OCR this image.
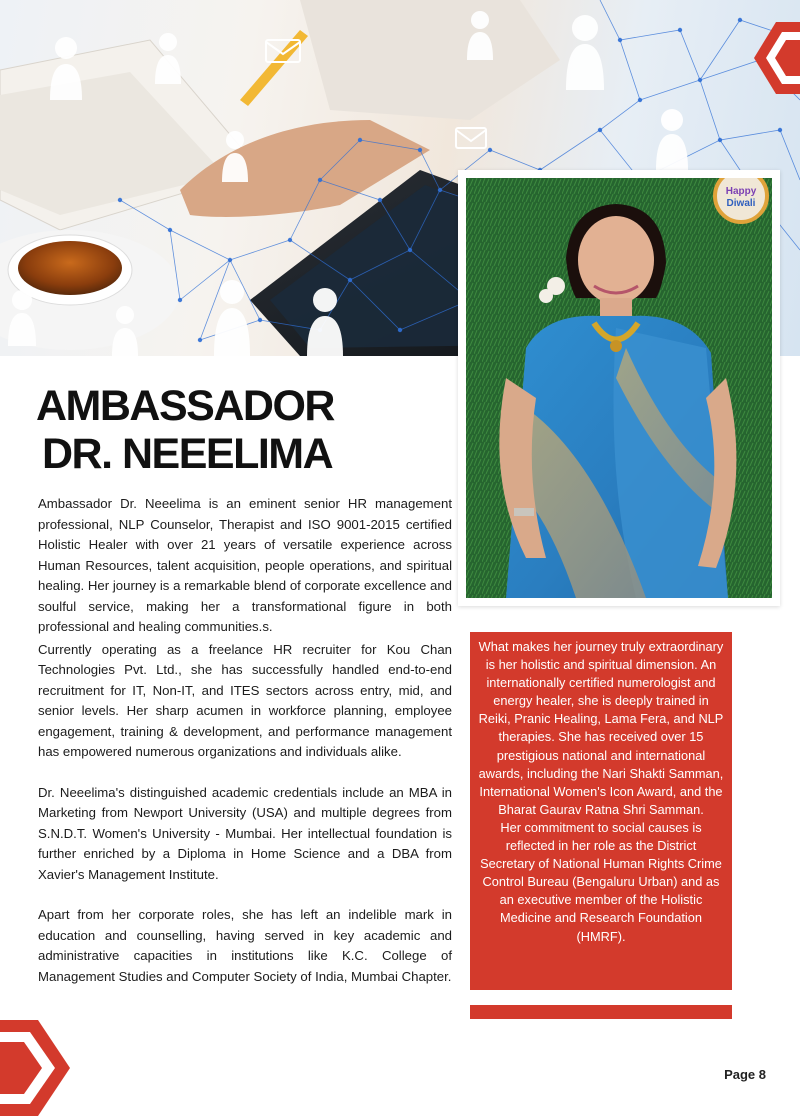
Happy
Diwali
AMBASSADOR
DR. NEEELIMA

Ambassador Dr. Neeelima is an eminent senior HR management professional, NLP Counselor, Therapist and ISO 9001-2015 certified Holistic Healer with over 21 years of versatile experience across Human Resources, talent acquisition, people operations, and spiritual healing. Her journey is a remarkable blend of corporate excellence and soulful service, making her a transformational figure in both professional and healing communities.s.

Currently operating as a freelance HR recruiter for Kou Chan Technologies Pvt. Ltd., she has successfully handled end-to-end recruitment for IT, Non-IT, and ITES sectors across entry, mid, and senior levels. Her sharp acumen in workforce planning, employee engagement, training & development, and performance management has empowered numerous organizations and individuals alike.

Dr. Neeelima's distinguished academic credentials include an MBA in Marketing from Newport University (USA) and multiple degrees from S.N.D.T. Women's University - Mumbai. Her intellectual foundation is further enriched by a Diploma in Home Science and a DBA from Xavier's Management Institute.

Apart from her corporate roles, she has left an indelible mark in education and counselling, having served in key academic and administrative capacities in institutions like K.C. College of Management Studies and Computer Society of India, Mumbai Chapter.

What makes her journey truly extraordinary is her holistic and spiritual dimension. An internationally certified numerologist and energy healer, she is deeply trained in Reiki, Pranic Healing, Lama Fera, and NLP therapies. She has received over 15 prestigious national and international awards, including the Nari Shakti Samman, International Women's Icon Award, and the Bharat Gaurav Ratna Shri Samman.

Her commitment to social causes is reflected in her role as the District Secretary of National Human Rights Crime Control Bureau (Bengaluru Urban) and as an executive member of the Holistic Medicine and Research Foundation (HMRF).

Page 8
